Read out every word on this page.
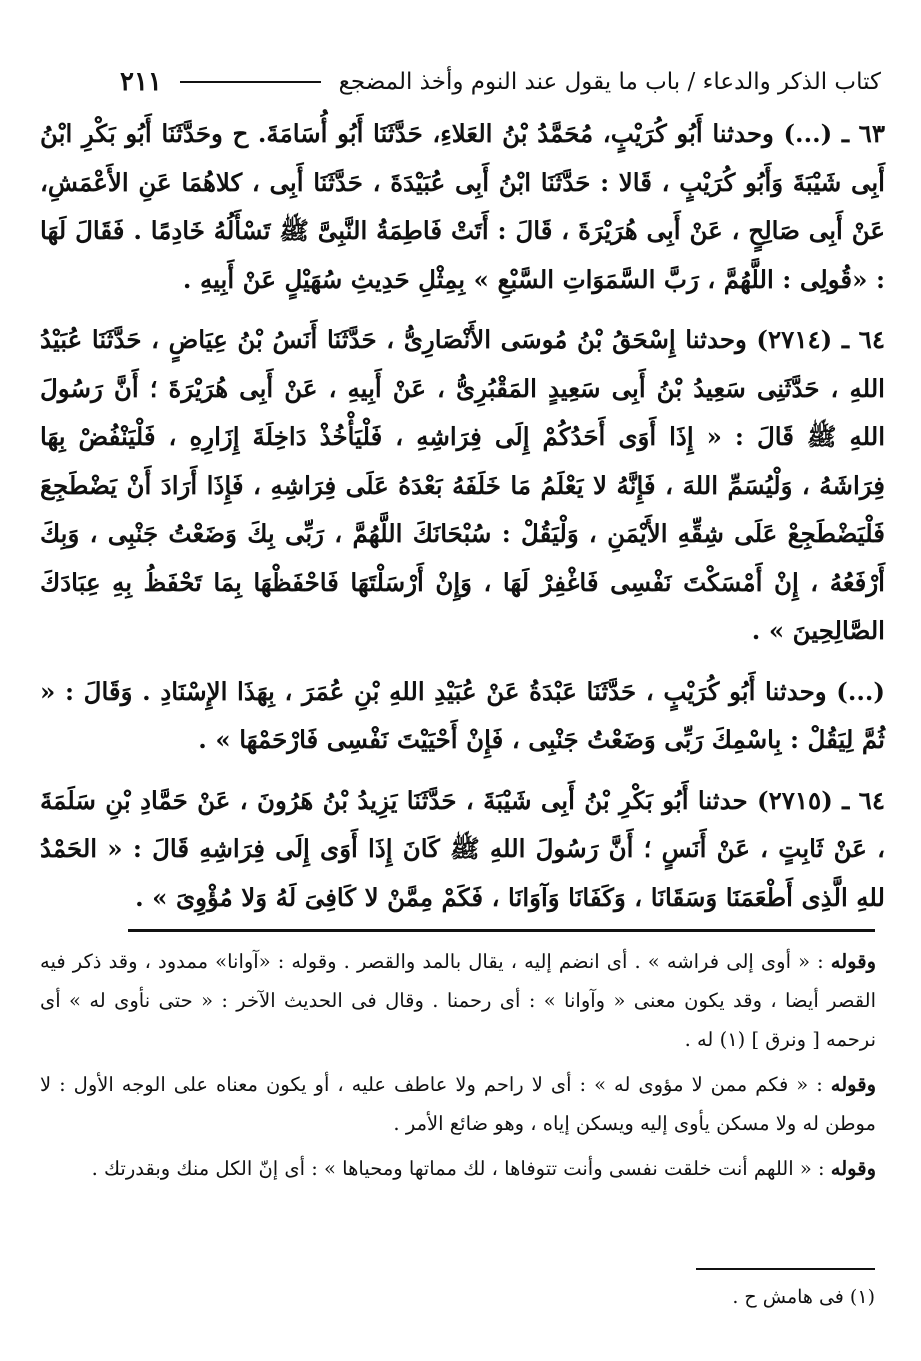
كتاب الذكر والدعاء / باب ما يقول عند النوم وأخذ المضجع
٢١١

٦٣ ـ (...) وحدثنا أَبُو كُرَيْبٍ، مُحَمَّدُ بْنُ العَلاءِ، حَدَّثَنَا أَبُو أُسَامَةَ. ح وحَدَّثَنَا أَبُو بَكْرِ ابْنُ أَبِى شَيْبَةَ وَأَبُو كُرَيْبٍ ، قَالا : حَدَّثَنَا ابْنُ أَبِى عُبَيْدَةَ ، حَدَّثَنَا أَبِى ، كلاهُمَا عَنِ الأَعْمَشِ، عَنْ أَبِى صَالِحٍ ، عَنْ أَبِى هُرَيْرَةَ ، قَالَ : أَتَتْ فَاطِمَةُ النَّبِىَّ ﷺ تَسْأَلُهُ خَادِمًا . فَقَالَ لَهَا : «قُولِى : اللَّهُمَّ ، رَبَّ السَّمَوَاتِ السَّبْعِ » بِمِثْلِ حَدِيثِ سُهَيْلٍ عَنْ أَبِيهِ .

٦٤ ـ (٢٧١٤) وحدثنا إِسْحَقُ بْنُ مُوسَى الأَنْصَارِىُّ ، حَدَّثَنَا أَنَسُ بْنُ عِيَاضٍ ، حَدَّثَنَا عُبَيْدُ اللهِ ، حَدَّثَنِى سَعِيدُ بْنُ أَبِى سَعِيدٍ المَقْبُرِىُّ ، عَنْ أَبِيهِ ، عَنْ أَبِى هُرَيْرَةَ ؛ أَنَّ رَسُولَ اللهِ ﷺ قَالَ : « إِذَا أَوَى أَحَدُكُمْ إِلَى فِرَاشِهِ ، فَلْيَأْخُذْ دَاخِلَةَ إِزَارِهِ ، فَلْيَنْفُضْ بِهَا فِرَاشَهُ ، وَلْيُسَمِّ اللهَ ، فَإِنَّهُ لا يَعْلَمُ مَا خَلَفَهُ بَعْدَهُ عَلَى فِرَاشِهِ ، فَإِذَا أَرَادَ أَنْ يَضْطَجِعَ فَلْيَضْطَجِعْ عَلَى شِقِّهِ الأَيْمَنِ ، وَلْيَقُلْ : سُبْحَانَكَ اللَّهُمَّ ، رَبِّى بِكَ وَضَعْتُ جَنْبِى ، وَبِكَ أَرْفَعُهُ ، إِنْ أَمْسَكْتَ نَفْسِى فَاغْفِرْ لَهَا ، وَإِنْ أَرْسَلْتَهَا فَاحْفَظْهَا بِمَا تَحْفَظُ بِهِ عِبَادَكَ الصَّالِحِينَ » .

(...) وحدثنا أَبُو كُرَيْبٍ ، حَدَّثَنَا عَبْدَةُ عَنْ عُبَيْدِ اللهِ بْنِ عُمَرَ ، بِهَذَا الإِسْنَادِ . وَقَالَ : « ثُمَّ لِيَقُلْ : بِاسْمِكَ رَبِّى وَضَعْتُ جَنْبِى ، فَإِنْ أَحْيَيْتَ نَفْسِى فَارْحَمْهَا » .

٦٤ ـ (٢٧١٥) حدثنا أَبُو بَكْرِ بْنُ أَبِى شَيْبَةَ ، حَدَّثَنَا يَزِيدُ بْنُ هَرُونَ ، عَنْ حَمَّادِ بْنِ سَلَمَةَ ، عَنْ ثَابِتٍ ، عَنْ أَنَسٍ ؛ أَنَّ رَسُولَ اللهِ ﷺ كَانَ إِذَا أَوَى إِلَى فِرَاشِهِ قَالَ : « الحَمْدُ للهِ الَّذِى أَطْعَمَنَا وَسَقَانَا ، وَكَفَانَا وَآوَانَا ، فَكَمْ مِمَّنْ لا كَافِىَ لَهُ وَلا مُؤْوِىَ » .

وقوله : « أوى إلى فراشه » . أى انضم إليه ، يقال بالمد والقصر . وقوله : «آوانا» ممدود ، وقد ذكر فيه القصر أيضا ، وقد يكون معنى « وآوانا » : أى رحمنا . وقال فى الحديث الآخر : « حتى نأوى له » أى نرحمه [ ونرق ] (١) له .

وقوله : « فكم ممن لا مؤوى له » : أى لا راحم ولا عاطف عليه ، أو يكون معناه على الوجه الأول : لا موطن له ولا مسكن يأوى إليه ويسكن إياه ، وهو ضائع الأمر .

وقوله : « اللهم أنت خلقت نفسى وأنت تتوفاها ، لك مماتها ومحياها » : أى إنّ الكل منك وبقدرتك .

(١) فى هامش ح .
